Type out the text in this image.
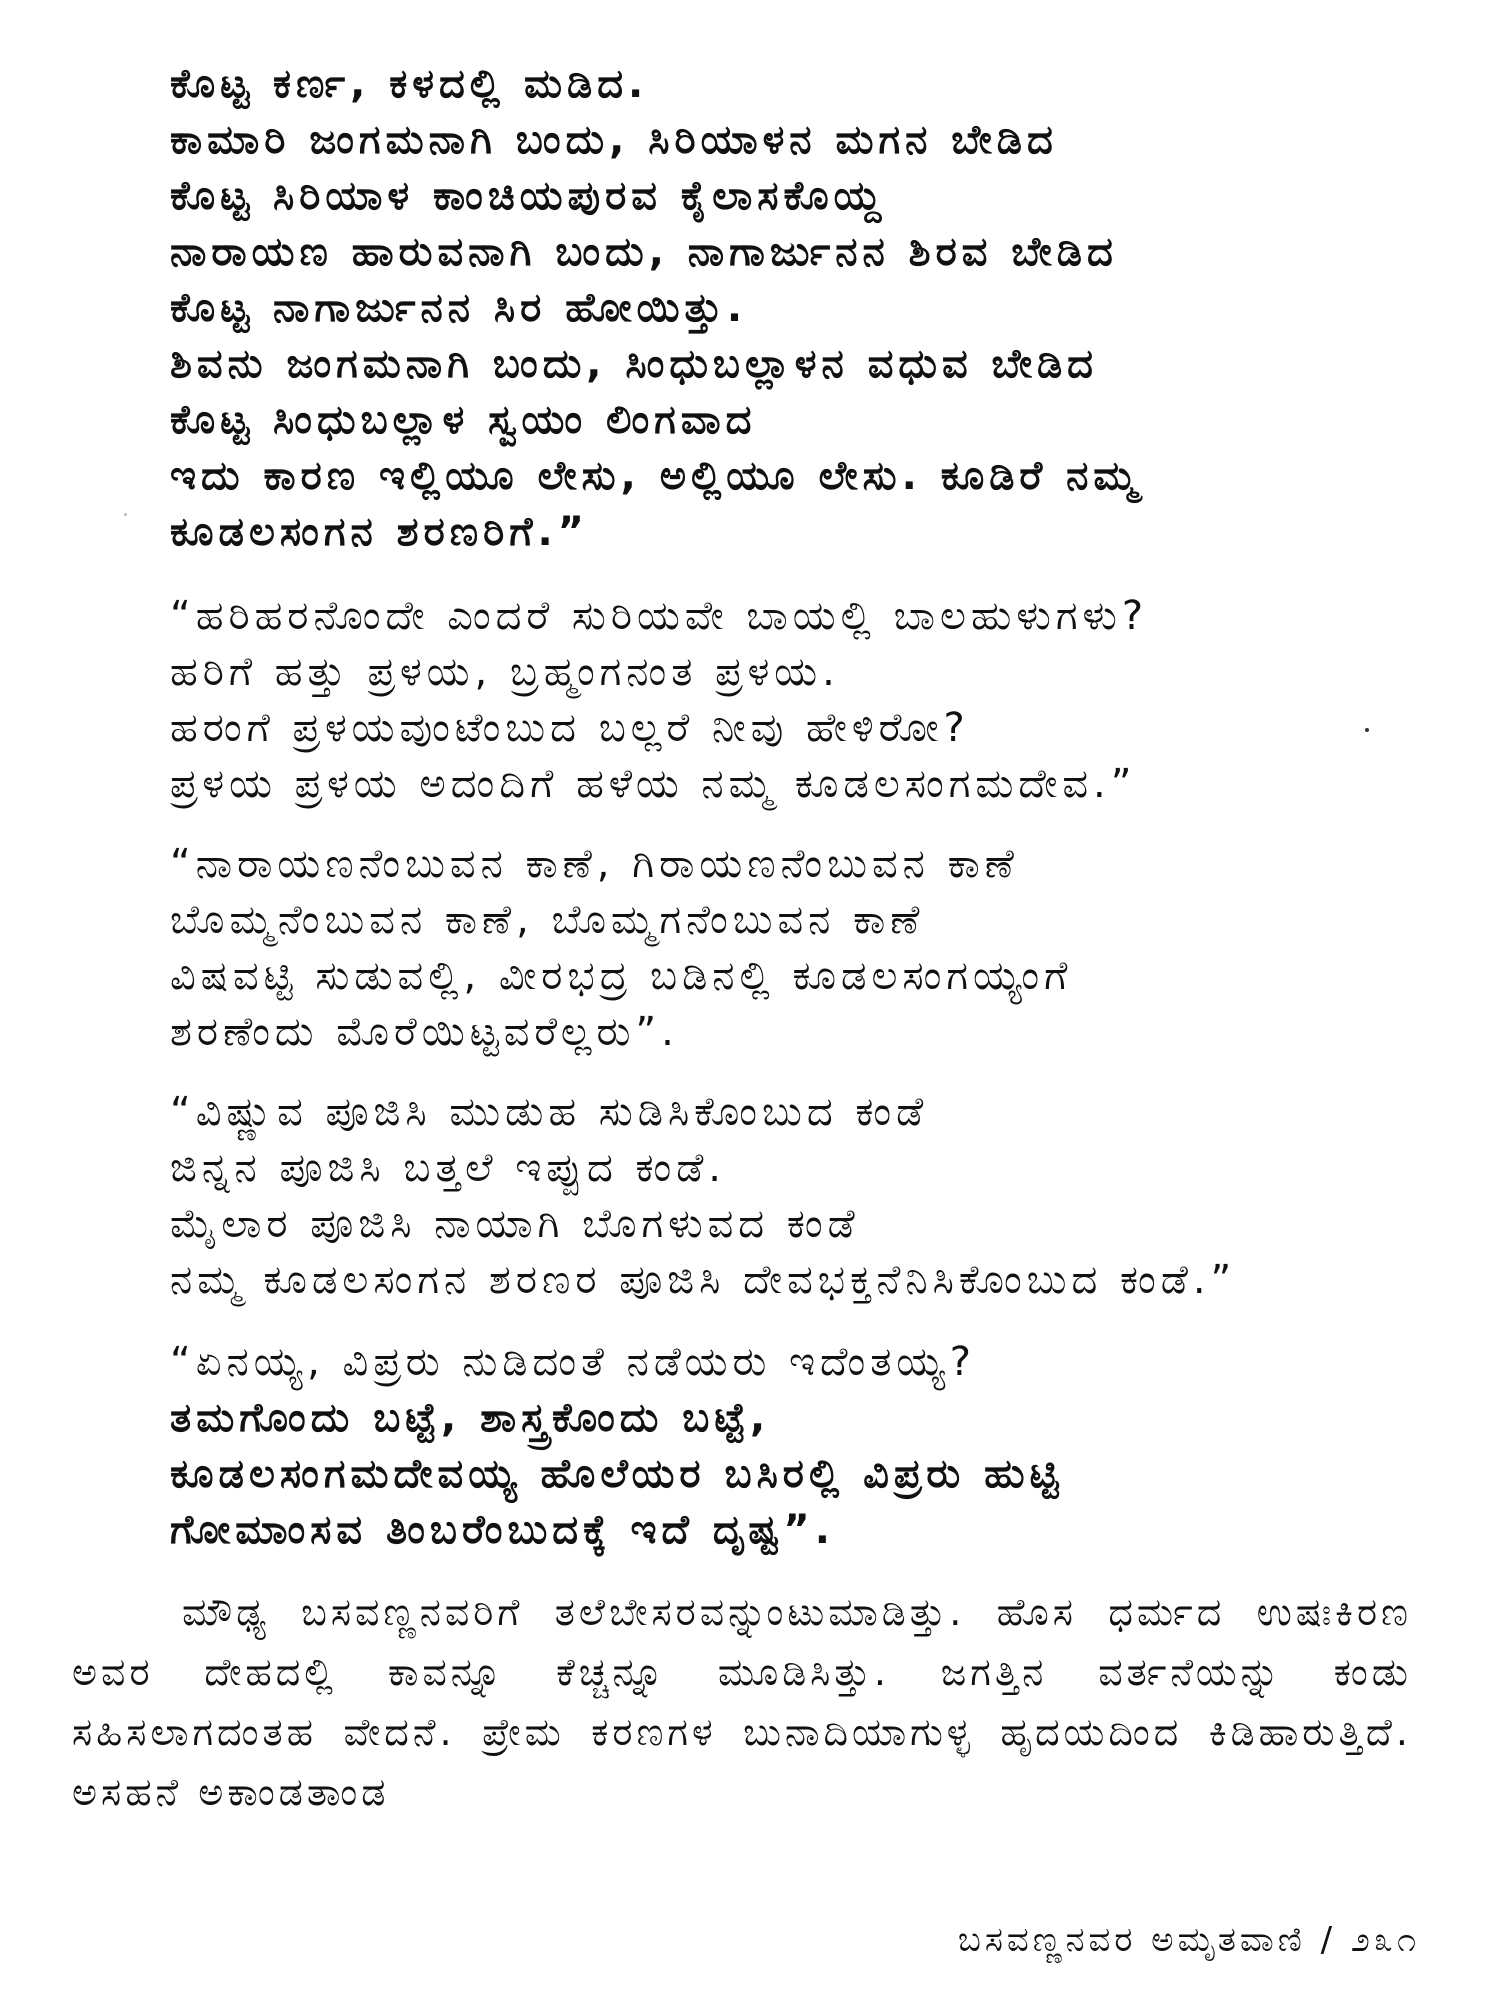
ಕೊಟ್ಟ ಕರ್ಣ, ಕಳದಲ್ಲಿ ಮಡಿದ.
ಕಾಮಾರಿ ಜಂಗಮನಾಗಿ ಬಂದು, ಸಿರಿಯಾಳನ ಮಗನ ಬೇಡಿದ
ಕೊಟ್ಟ ಸಿರಿಯಾಳ ಕಾಂಚಿಯಪುರವ ಕೈಲಾಸಕೊಯ್ದ
ನಾರಾಯಣ ಹಾರುವನಾಗಿ ಬಂದು, ನಾಗಾರ್ಜುನನ ಶಿರವ ಬೇಡಿದ
ಕೊಟ್ಟ ನಾಗಾರ್ಜುನನ ಸಿರ ಹೋಯಿತ್ತು.
ಶಿವನು ಜಂಗಮನಾಗಿ ಬಂದು, ಸಿಂಧುಬಲ್ಲಾಳನ ವಧುವ ಬೇಡಿದ
ಕೊಟ್ಟ ಸಿಂಧುಬಲ್ಲಾಳ ಸ್ವಯಂ ಲಿಂಗವಾದ
ಇದು ಕಾರಣ ಇಲ್ಲಿಯೂ ಲೇಸು, ಅಲ್ಲಿಯೂ ಲೇಸು. ಕೂಡಿರೆ ನಮ್ಮ
ಕೂಡಲಸಂಗನ ಶರಣರಿಗೆ.”
“ಹರಿಹರನೊಂದೇ ಎಂದರೆ ಸುರಿಯವೇ ಬಾಯಲ್ಲಿ ಬಾಲಹುಳುಗಳು?
ಹರಿಗೆ ಹತ್ತು ಪ್ರಳಯ, ಬ್ರಹ್ಮಂಗನಂತ ಪ್ರಳಯ.
ಹರಂಗೆ ಪ್ರಳಯವುಂಟೆಂಬುದ ಬಲ್ಲರೆ ನೀವು ಹೇಳಿರೋ?
ಪ್ರಳಯ ಪ್ರಳಯ ಅದಂದಿಗೆ ಹಳೆಯ ನಮ್ಮ ಕೂಡಲಸಂಗಮದೇವ.”
“ನಾರಾಯಣನೆಂಬುವನ ಕಾಣೆ, ಗಿರಾಯಣನೆಂಬುವನ ಕಾಣೆ
ಬೊಮ್ಮನೆಂಬುವನ ಕಾಣೆ, ಬೊಮ್ಮಗನೆಂಬುವನ ಕಾಣೆ
ವಿಷವಟ್ಟಿ ಸುಡುವಲ್ಲಿ, ವೀರಭದ್ರ ಬಡಿನಲ್ಲಿ ಕೂಡಲಸಂಗಯ್ಯಂಗೆ
ಶರಣೆಂದು ಮೊರೆಯಿಟ್ಟವರೆಲ್ಲರು”.
“ವಿಷ್ಣುವ ಪೂಜಿಸಿ ಮುಡುಹ ಸುಡಿಸಿಕೊಂಬುದ ಕಂಡೆ
ಜಿನ್ನನ ಪೂಜಿಸಿ ಬತ್ತಲೆ ಇಪ್ಪುದ ಕಂಡೆ.
ಮೈಲಾರ ಪೂಜಿಸಿ ನಾಯಾಗಿ ಬೊಗಳುವದ ಕಂಡೆ
ನಮ್ಮ ಕೂಡಲಸಂಗನ ಶರಣರ ಪೂಜಿಸಿ ದೇವಭಕ್ತನೆನಿಸಿಕೊಂಬುದ ಕಂಡೆ.”
“ಏನಯ್ಯ, ವಿಪ್ರರು ನುಡಿದಂತೆ ನಡೆಯರು ಇದೆಂತಯ್ಯ?
ತಮಗೊಂದು ಬಟ್ಟೆ, ಶಾಸ್ತ್ರಕೊಂದು ಬಟ್ಟೆ,
ಕೂಡಲಸಂಗಮದೇವಯ್ಯ ಹೊಲೆಯರ ಬಸಿರಲ್ಲಿ ವಿಪ್ರರು ಹುಟ್ಟಿ
ಗೋಮಾಂಸವ ತಿಂಬರೆಂಬುದಕ್ಕೆ ಇದೆ ದೃಷ್ಟ”.
ಮೌಢ್ಯ ಬಸವಣ್ಣನವರಿಗೆ ತಲೆಬೇಸರವನ್ನುಂಟುಮಾಡಿತ್ತು. ಹೊಸ ಧರ್ಮದ ಉಷಃಕಿರಣ ಅವರ ದೇಹದಲ್ಲಿ ಕಾವನ್ನೂ ಕೆಚ್ಚನ್ನೂ ಮೂಡಿಸಿತ್ತು. ಜಗತ್ತಿನ ವರ್ತನೆಯನ್ನು ಕಂಡು ಸಹಿಸಲಾಗದಂತಹ ವೇದನೆ. ಪ್ರೇಮ ಕರಣಗಳ ಬುನಾದಿಯಾಗುಳ್ಳ ಹೃದಯದಿಂದ ಕಿಡಿಹಾರುತ್ತಿದೆ. ಅಸಹನೆ ಅಕಾಂಡತಾಂಡ
ಬಸವಣ್ಣನವರ ಅಮೃತವಾಣಿ / ೨೩೧
